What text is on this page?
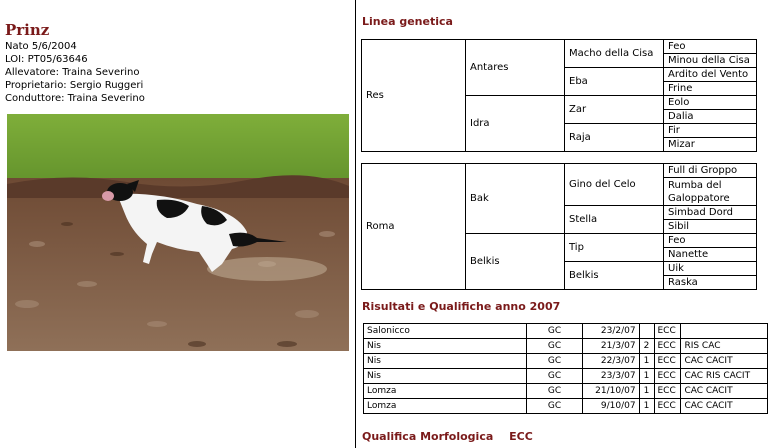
Prinz
Nato 5/6/2004
LOI: PT05/63646
Allevatore: Traina Severino
Proprietario: Sergio Ruggeri
Conduttore: Traina Severino
Linea genetica
Res	Antares	Macho della Cisa	Feo
			Minou della Cisa
		Eba	Ardito del Vento
			Frine
	Idra	Zar	Eolo
			Dalia
		Raja	Fir
			Mizar
Roma	Bak	Gino del Celo	Full di Groppo
			Rumba del Galoppatore

		Stella	Simbad Dord
			Sibil
	Belkis	Tip	Feo
			Nanette
		Belkis	Uik
			Raska
Risultati e Qualifiche anno 2007
Salonicco	GC	23/2/07		ECC	
Nis	GC	21/3/07	2	ECC	RIS CAC
Nis	GC	22/3/07	1	ECC	CAC CACIT
Nis	GC	23/3/07	1	ECC	CAC RIS CACIT
Lomza	GC	21/10/07	1	ECC	CAC CACIT
Lomza	GC	9/10/07	1	ECC	CAC CACIT
Qualifica Morfologica ECC
